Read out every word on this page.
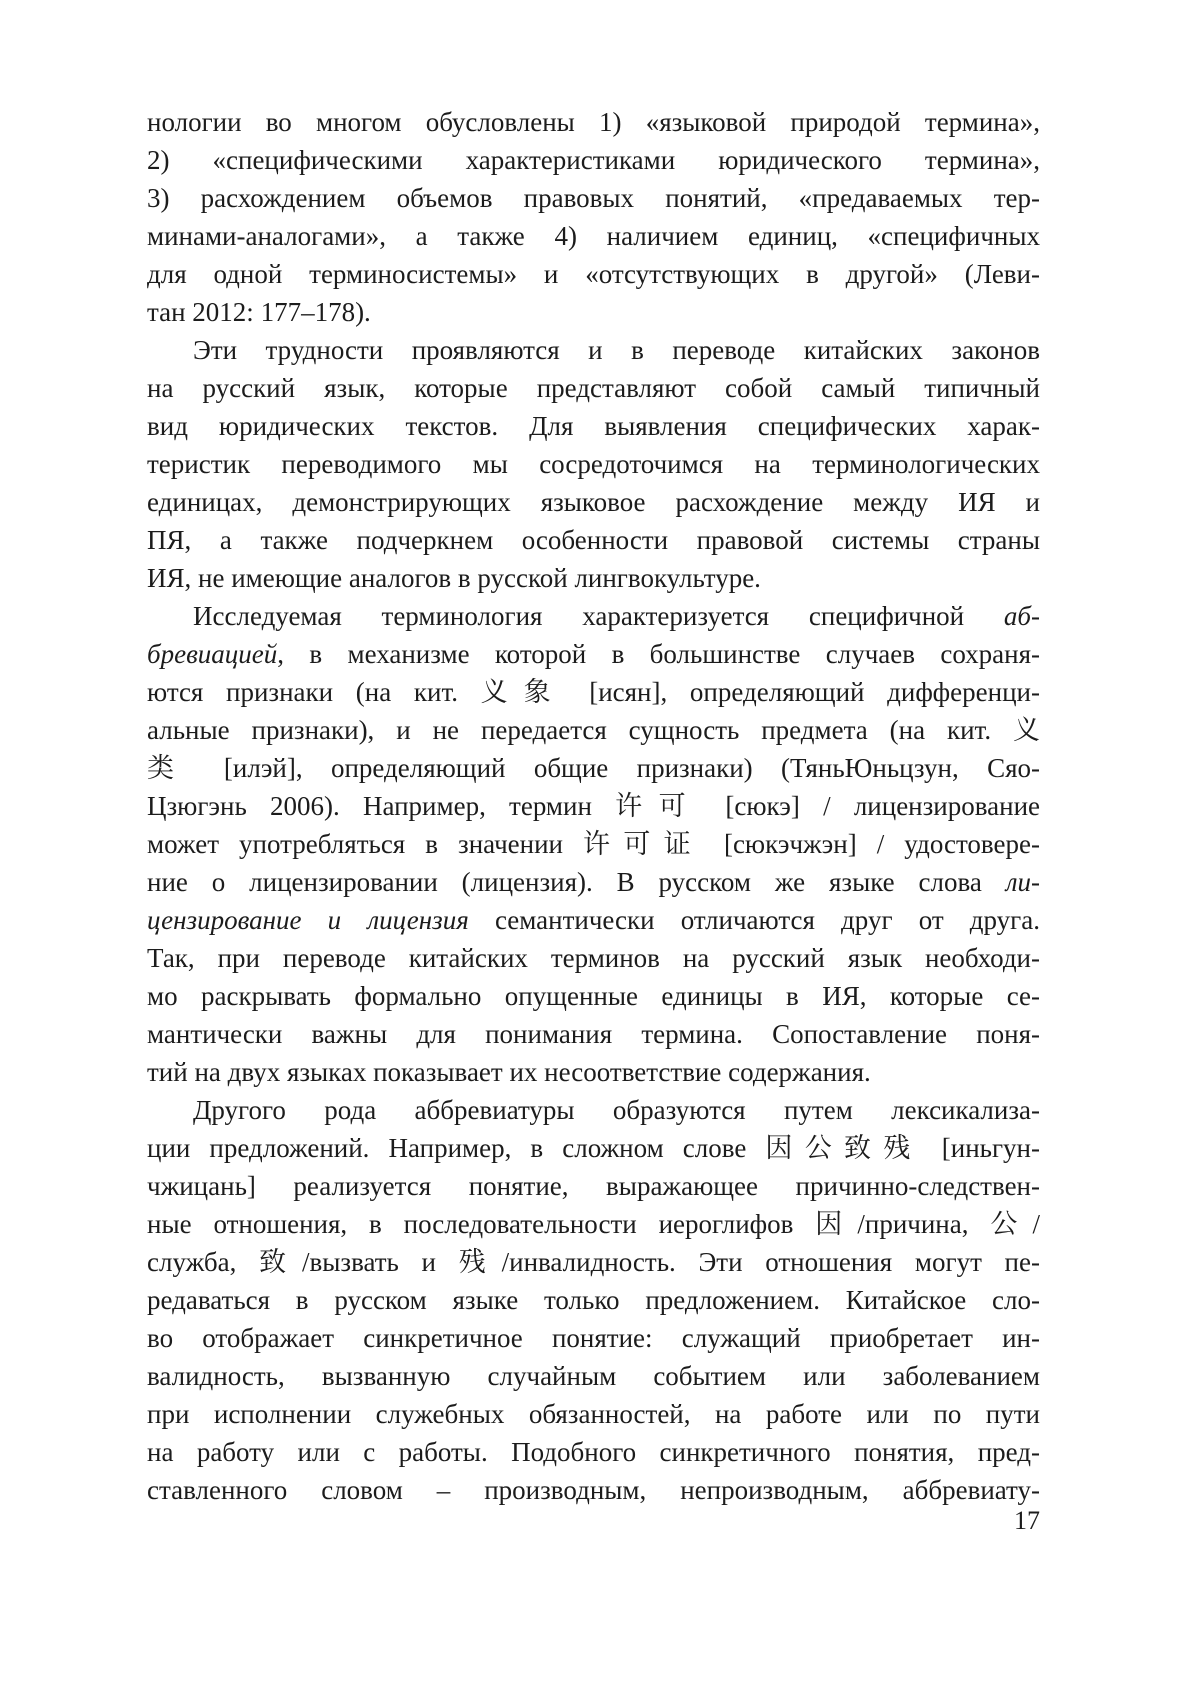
нологии во многом обусловлены 1) «языковой природой термина»,
2) «специфическими характеристиками юридического термина»,
3) расхождением объемов правовых понятий, «предаваемых тер-
минами-аналогами», а также 4) наличием единиц, «специфичных
для одной терминосистемы» и «отсутствующих в другой» (Леви-
тан 2012: 177–178).
Эти трудности проявляются и в переводе китайских законов
на русский язык, которые представляют собой самый типичный
вид юридических текстов. Для выявления специфических харак-
теристик переводимого мы сосредоточимся на терминологических
единицах, демонстрирующих языковое расхождение между ИЯ и
ПЯ, а также подчеркнем особенности правовой системы страны
ИЯ, не имеющие аналогов в русской лингвокультуре.
Исследуемая терминология характеризуется специфичной аб-
бревиацией, в механизме которой в большинстве случаев сохраня-
ются признаки (на кит. 义象 [исян], определяющий дифференци-
альные признаки), и не передается сущность предмета (на кит. 义
类 [илэй], определяющий общие признаки) (ТяньЮньцзун, Сяо-
Цзюгэнь 2006). Например, термин 许可 [сюкэ] / лицензирование
может употребляться в значении 许可证 [сюкэчжэн] / удостовере-
ние о лицензировании (лицензия). В русском же языке слова ли-
цензирование и лицензия семантически отличаются друг от друга.
Так, при переводе китайских терминов на русский язык необходи-
мо раскрывать формально опущенные единицы в ИЯ, которые се-
мантически важны для понимания термина. Сопоставление поня-
тий на двух языках показывает их несоответствие содержания.
Другого рода аббревиатуры образуются путем лексикализа-
ции предложений. Например, в сложном слове 因公致残 [иньгун-
чжицань] реализуется понятие, выражающее причинно-следствен-
ные отношения, в последовательности иероглифов 因/причина, 公/
служба, 致/вызвать и 残/инвалидность. Эти отношения могут пе-
редаваться в русском языке только предложением. Китайское сло-
во отображает синкретичное понятие: служащий приобретает ин-
валидность, вызванную случайным событием или заболеванием
при исполнении служебных обязанностей, на работе или по пути
на работу или с работы. Подобного синкретичного понятия, пред-
ставленного словом – производным, непроизводным, аббревиату-
17
